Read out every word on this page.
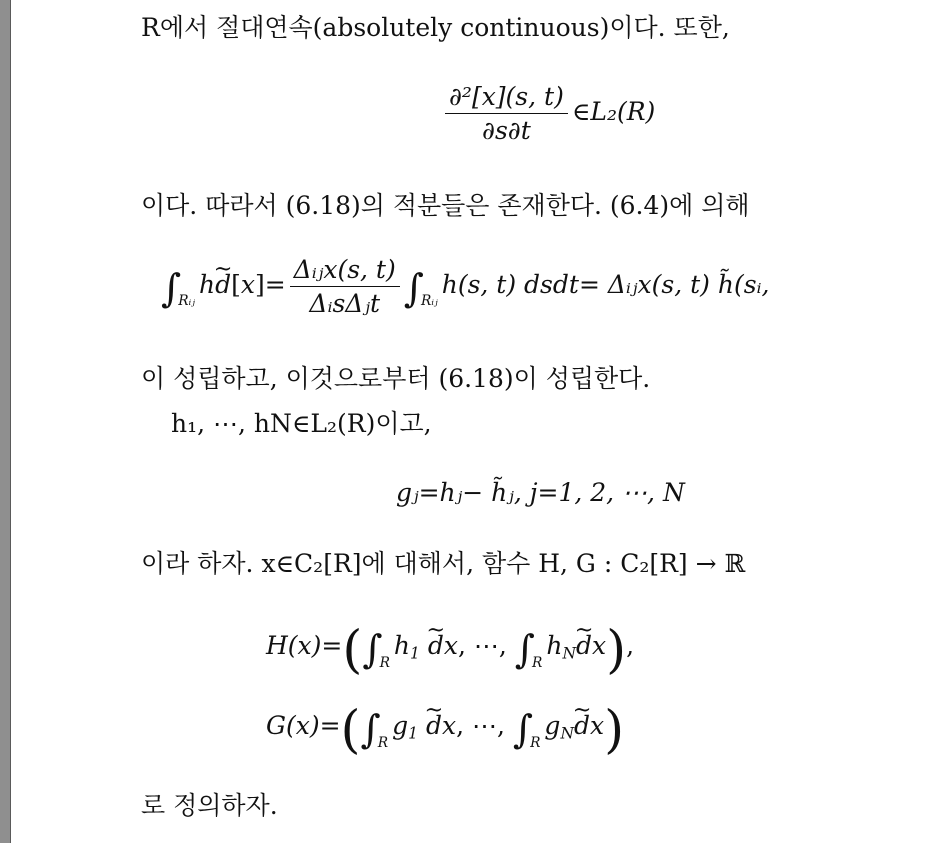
R에서 절대연속(absolutely continuous)이다. 또한,
$\frac{\text{∂²[x](s, t)}}{\partial s\partial t}$ ∈L₂(R)
이다. 따라서 (6.18)의 적분들은 존재한다. (6.4)에 의해
$\int_{Rᵢⱼ}h\sim$ $d[x]= \frac{\text{Δᵢⱼx(s, t)}}{\text{ΔᵢsΔⱼt}} \int_{Rᵢⱼ}h(s$, t) dsdt= Δᵢⱼx(s, t) h̃(sᵢ,
이 성립하고, 이것으로부터 (6.18)이 성립한다.
h₁, ⋯, hN∈L₂(R)이고,
gⱼ=hⱼ− h̃ⱼ, j=1, 2, ⋯, N
이라 하자. x∈C₂[R]에 대해서, 함수 H, G : C₂[R] → ℝ
$H(x)=(\int_Rh_1$ ~ dx, ⋯, $\int_Rh_N\sim$ dx),
$G(x)=(\int_Rg_1$ ~ dx, ⋯, $\int_Rg_N\sim$ dx)
로 정의하자.
